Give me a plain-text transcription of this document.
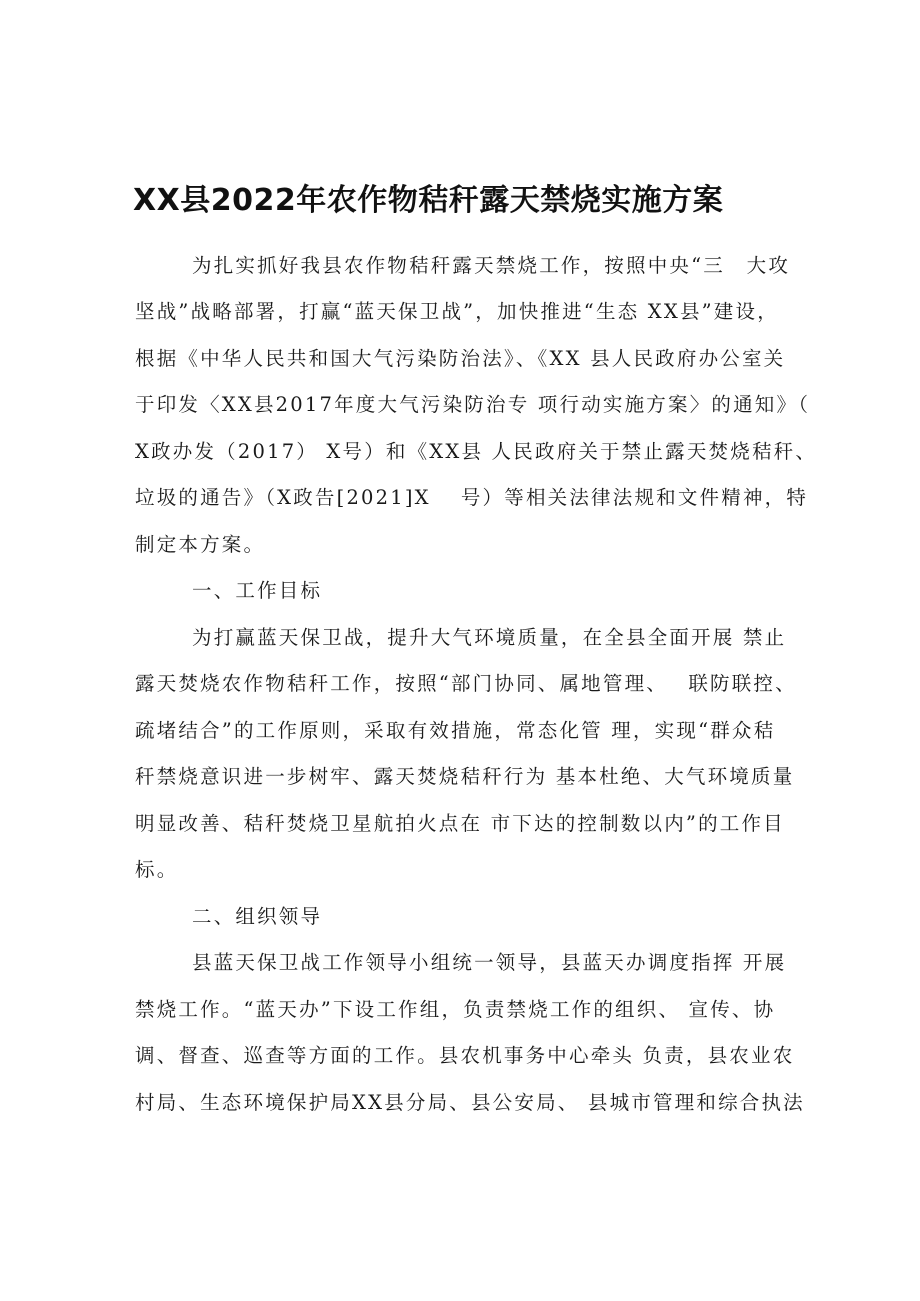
XX县2022年农作物秸秆露天禁烧实施方案

为扎实抓好我县农作物秸秆露天禁烧工作，按照中央“三　大攻

坚战”战略部署，打赢“蓝天保卫战”，加快推进“生态 XX县”建设，

根据《中华人民共和国大气污染防治法》、《XX 县人民政府办公室关

于印发〈XX县2017年度大气污染防治专 项行动实施方案〉的通知》（

X政办发（2017） X号）和《XX县 人民政府关于禁止露天焚烧秸秆、

垃圾的通告》（X政告[2021]X　 号）等相关法律法规和文件精神，特

制定本方案。

一、工作目标

为打赢蓝天保卫战，提升大气环境质量，在全县全面开展 禁止

露天焚烧农作物秸秆工作，按照“部门协同、属地管理、　 联防联控、

疏堵结合”的工作原则，采取有效措施，常态化管 理，实现“群众秸

秆禁烧意识进一步树牢、露天焚烧秸秆行为 基本杜绝、大气环境质量

明显改善、秸秆焚烧卫星航拍火点在 市下达的控制数以内”的工作目

标。

二、组织领导

县蓝天保卫战工作领导小组统一领导，县蓝天办调度指挥 开展

禁烧工作。“蓝天办”下设工作组，负责禁烧工作的组织、 宣传、协

调、督查、巡查等方面的工作。县农机事务中心牵头 负责，县农业农

村局、生态环境保护局XX县分局、县公安局、 县城市管理和综合执法
